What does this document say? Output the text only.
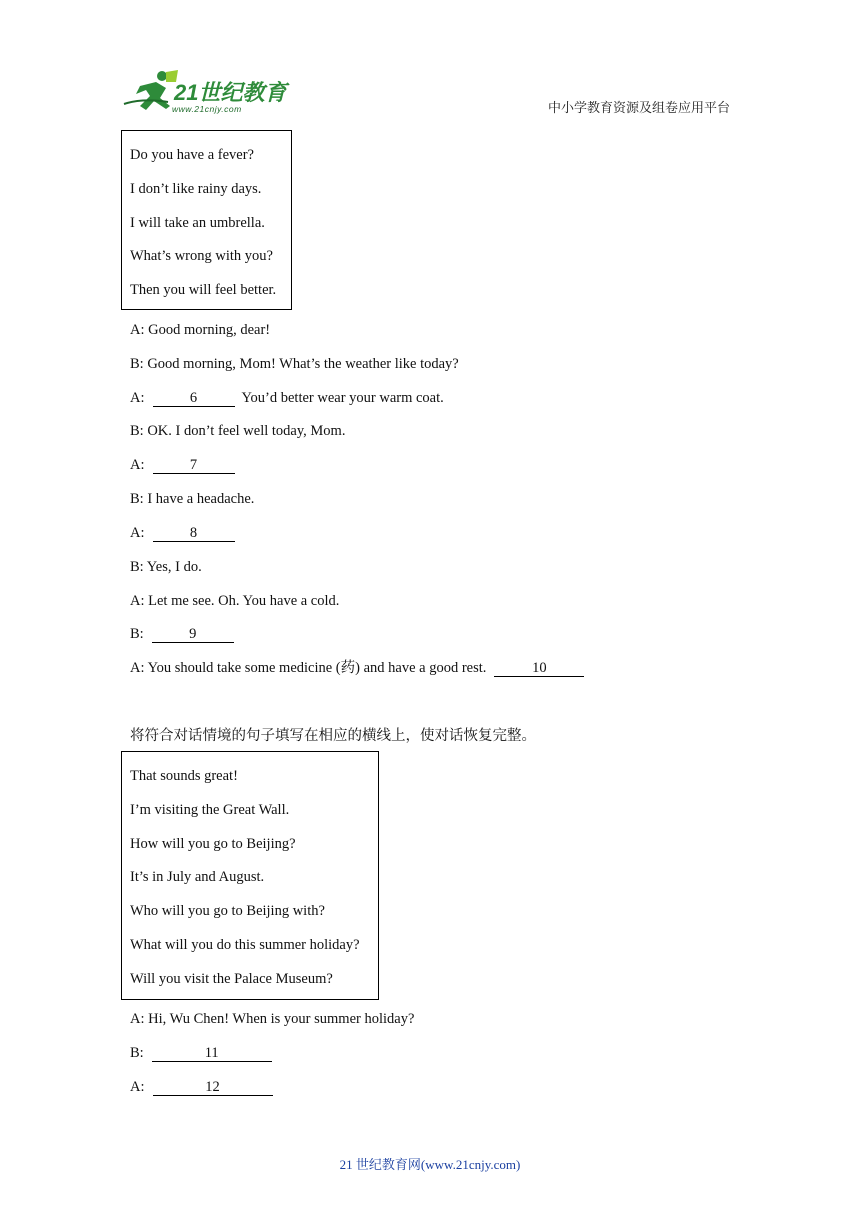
21世纪教育
www.21cnjy.com	中小学教育资源及组卷应用平台
Do you have a fever?
I don’t like rainy days.
I will take an umbrella.
What’s wrong with you?
Then you will feel better.
A: Good morning, dear!
B: Good morning, Mom! What’s the weather like today?
A:	6	You’d better wear your warm coat.
B: OK. I don’t feel well today, Mom.
A:	7
B: I have a headache.
A:	8
B: Yes, I do.
A: Let me see. Oh. You have a cold.
B:	9
A: You should take some medicine (药) and have a good rest.	10
将符合对话情境的句子填写在相应的横线上，使对话恢复完整。
That sounds great!
I’m visiting the Great Wall.
How will you go to Beijing?
It’s in July and August.
Who will you go to Beijing with?
What will you do this summer holiday?
Will you visit the Palace Museum?
A: Hi, Wu Chen! When is your summer holiday?
B:	11
A:	12
21 世纪教育网(www.21cnjy.com)
